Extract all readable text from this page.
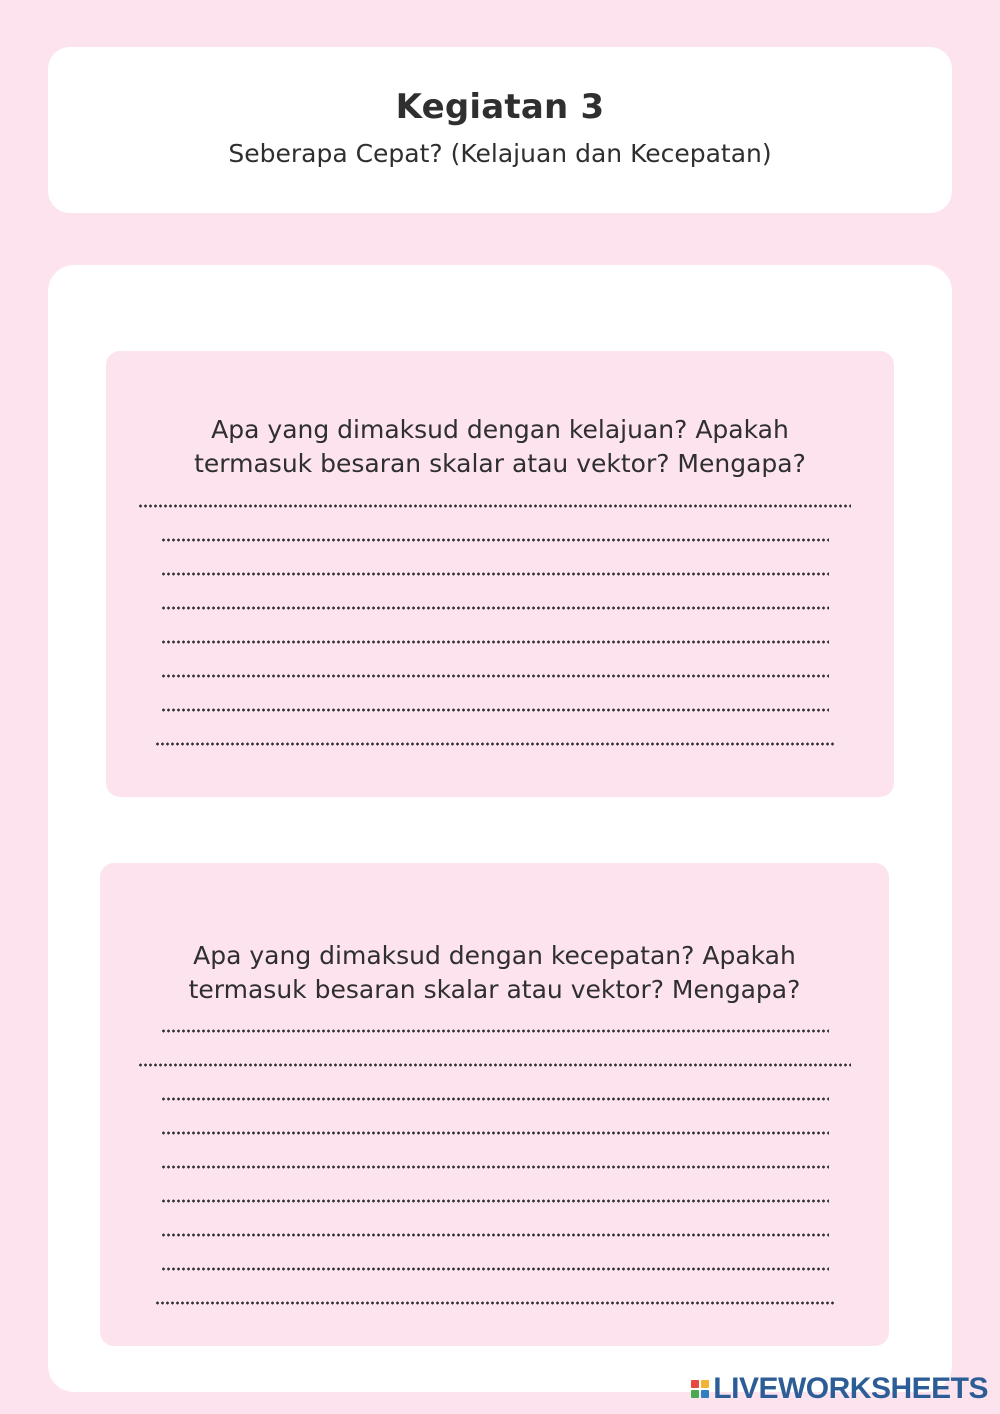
Kegiatan 3
Seberapa Cepat? (Kelajuan dan Kecepatan)
Apa yang dimaksud dengan kelajuan? Apakah
termasuk besaran skalar atau vektor? Mengapa?
Apa yang dimaksud dengan kecepatan? Apakah
termasuk besaran skalar atau vektor? Mengapa?
LIVEWORKSHEETS
